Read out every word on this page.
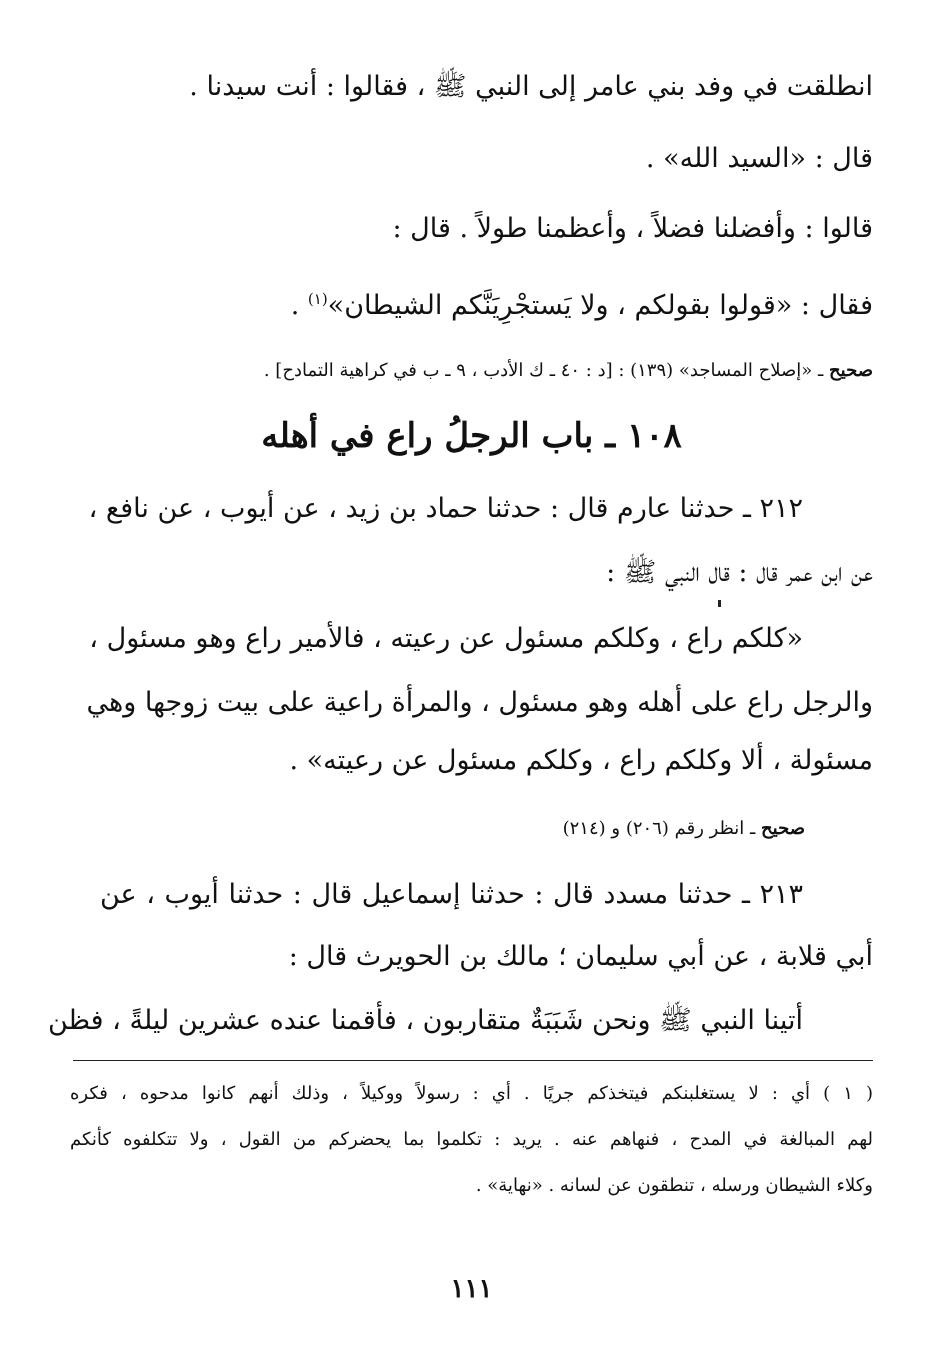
انطلقت في وفد بني عامر إلى النبي ﷺ ، فقالوا : أنت سيدنا .
قال : «السيد الله» .
قالوا : وأفضلنا فضلاً ، وأعظمنا طولاً . قال :
فقال : «قولوا بقولكم ، ولا يَستجْرِيَنَّكم الشيطان»$^{(١)}$ .
صحيح ـ «إصلاح المساجد» (١٣٩) : [د : ٤٠ ـ ك الأدب ، ٩ ـ ب في كراهية التمادح] .
١٠٨ ـ باب الرجلُ راع في أهله
٢١٢ ـ حدثنا عارم قال : حدثنا حماد بن زيد ، عن أيوب ، عن نافع ،
عن ابن عمر قال : قال النبي ﷺ :
«كلكم راع ، وكلكم مسئول عن رعيته ، فالأمير راع وهو مسئول ،
والرجل راع على أهله وهو مسئول ، والمرأة راعية على بيت زوجها وهي
مسئولة ، ألا وكلكم راع ، وكلكم مسئول عن رعيته» .
صحيح ـ انظر رقم (٢٠٦) و (٢١٤)
٢١٣ ـ حدثنا مسدد قال : حدثنا إسماعيل قال : حدثنا أيوب ، عن
أبي قلابة ، عن أبي سليمان ؛ مالك بن الحويرث قال :
أتينا النبي ﷺ ونحن شَبَبَةٌ متقاربون ، فأقمنا عنده عشرين ليلةً ، فظن
( ١ ) أي : لا يستغلبنكم فيتخذكم جريًا . أي : رسولاً ووكيلاً ، وذلك أنهم كانوا مدحوه ، فكره
لهم المبالغة في المدح ، فنهاهم عنه . يريد : تكلموا بما يحضركم من القول ، ولا تتكلفوه كأنكم
وكلاء الشيطان ورسله ، تنطقون عن لسانه . «نهاية» .
١١١
